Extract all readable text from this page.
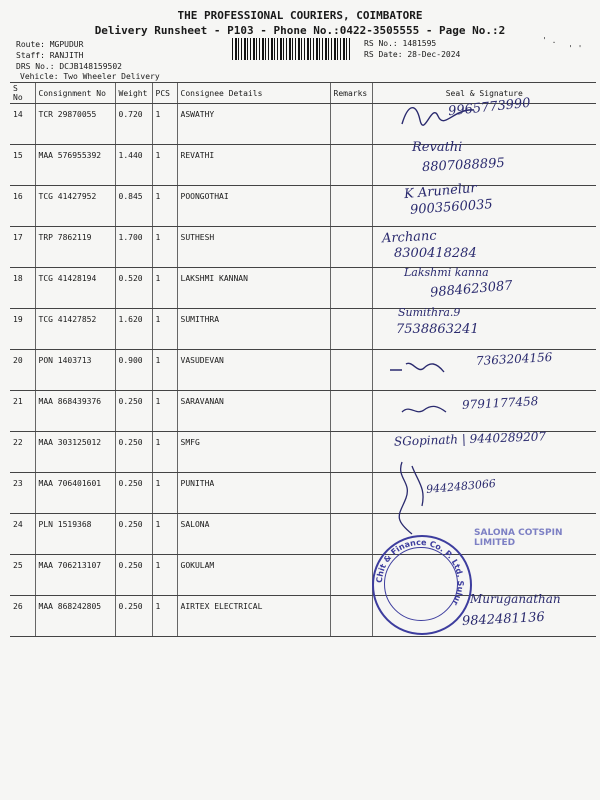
THE PROFESSIONAL COURIERS, COIMBATORE
Delivery Runsheet - P103 - Phone No.:0422-3505555 - Page No.:2
Route: MGPUDUR
Staff: RANJITH
DRS No.: DCJB148159502
Vehicle: Two Wheeler Delivery
RS No.: 1481595
RS Date: 28-Dec-2024
' .
' '
S No	Consignment No	Weight	PCS	Consignee Details	Remarks	Seal & Signature
14	TCR 29870055	0.720	1	ASWATHY		
15	MAA 576955392	1.440	1	REVATHI		
16	TCG 41427952	0.845	1	POONGOTHAI		
17	TRP 7862119	1.700	1	SUTHESH		
18	TCG 41428194	0.520	1	LAKSHMI KANNAN		
19	TCG 41427852	1.620	1	SUMITHRA		
20	PON 1403713	0.900	1	VASUDEVAN		
21	MAA 868439376	0.250	1	SARAVANAN		
22	MAA 303125012	0.250	1	SMFG		
23	MAA 706401601	0.250	1	PUNITHA		
24	PLN 1519368	0.250	1	SALONA		
25	MAA 706213107	0.250	1	GOKULAM		
26	MAA 868242805	0.250	1	AIRTEX ELECTRICAL		
9965773990
Revathi
8807088895
K Arunelur
9003560035
Archanc
8300418284
Lakshmi kanna
9884623087
Sumithra.9
7538863241
7363204156
9791177458
SGopinath | 9440289207
9442483066
SALONA COTSPIN LIMITED
Chit & Finance Co. P. Ltd. Sulur Muruganathan
9842481136
